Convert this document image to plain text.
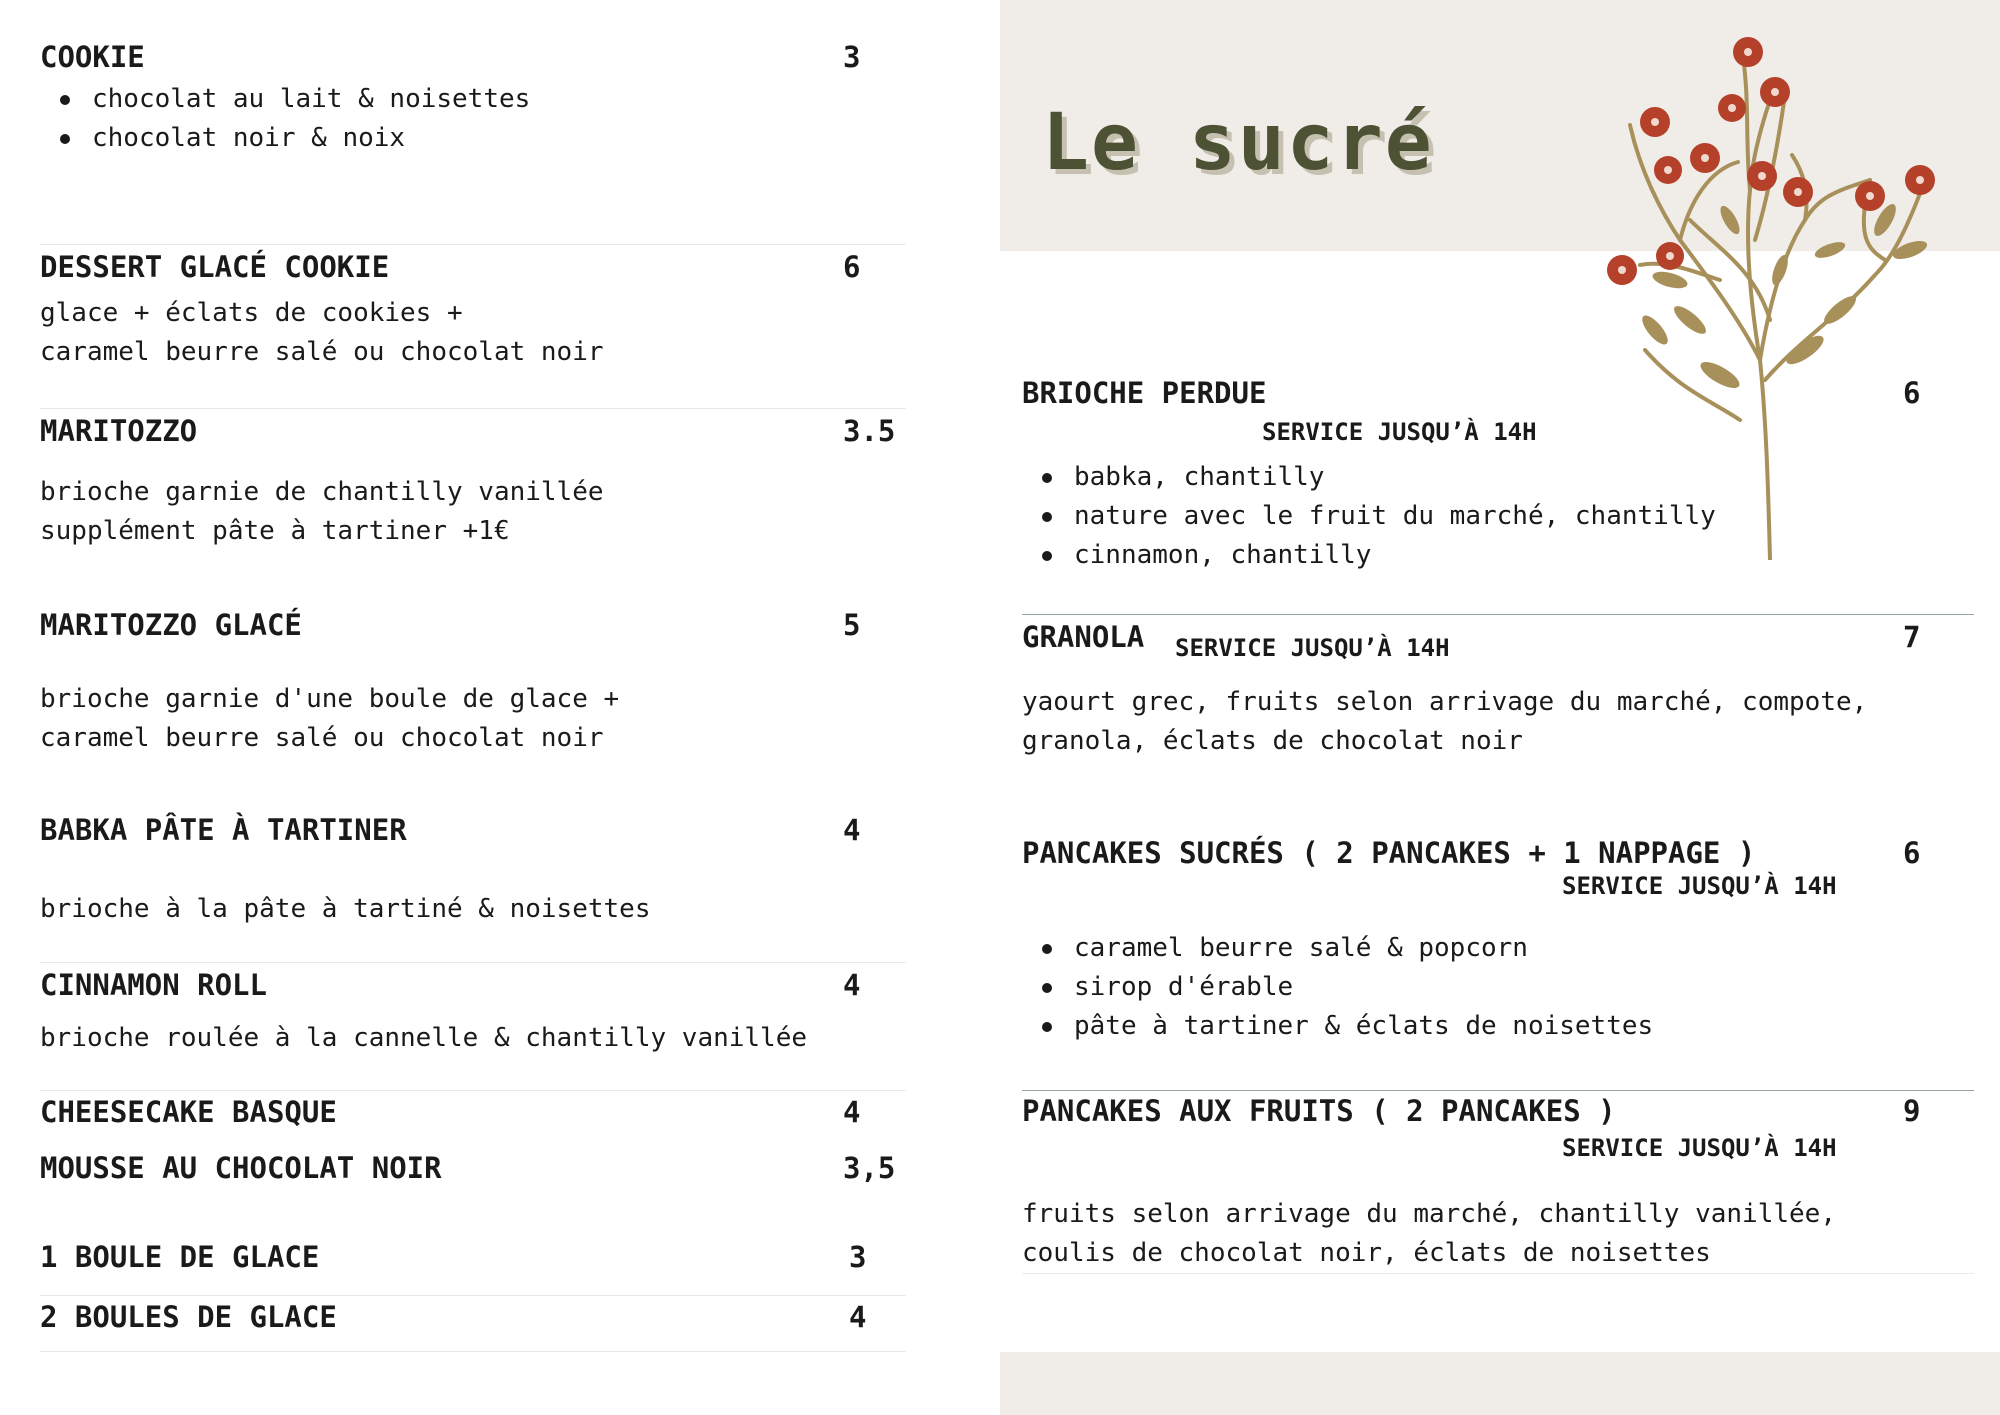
Le sucré
COOKIE	3
chocolat au lait & noisettes
chocolat noir & noix
DESSERT GLACÉ COOKIE	6
glace + éclats de cookies +
caramel beurre salé ou chocolat noir
MARITOZZO	3.5
brioche garnie de chantilly vanillée
supplément pâte à tartiner +1€
MARITOZZO GLACÉ	5
brioche garnie d'une boule de glace +
caramel beurre salé ou chocolat noir
BABKA PÂTE À TARTINER	4
brioche à la pâte à tartiné & noisettes
CINNAMON ROLL	4
brioche roulée à la cannelle & chantilly vanillée
CHEESECAKE BASQUE	4
MOUSSE AU CHOCOLAT NOIR	3,5
1 BOULE DE GLACE	3
2 BOULES DE GLACE	4
BRIOCHE PERDUE	6
SERVICE JUSQU’À 14H
babka, chantilly
nature avec le fruit du marché, chantilly
cinnamon, chantilly
GRANOLA SERVICE JUSQU’À 14H	7
yaourt grec, fruits selon arrivage du marché, compote,
granola, éclats de chocolat noir
PANCAKES SUCRÉS ( 2 PANCAKES + 1 NAPPAGE )	6
SERVICE JUSQU’À 14H
caramel beurre salé & popcorn
sirop d'érable
pâte à tartiner & éclats de noisettes
PANCAKES AUX FRUITS ( 2 PANCAKES )	9
SERVICE JUSQU’À 14H
fruits selon arrivage du marché, chantilly vanillée,
coulis de chocolat noir, éclats de noisettes
